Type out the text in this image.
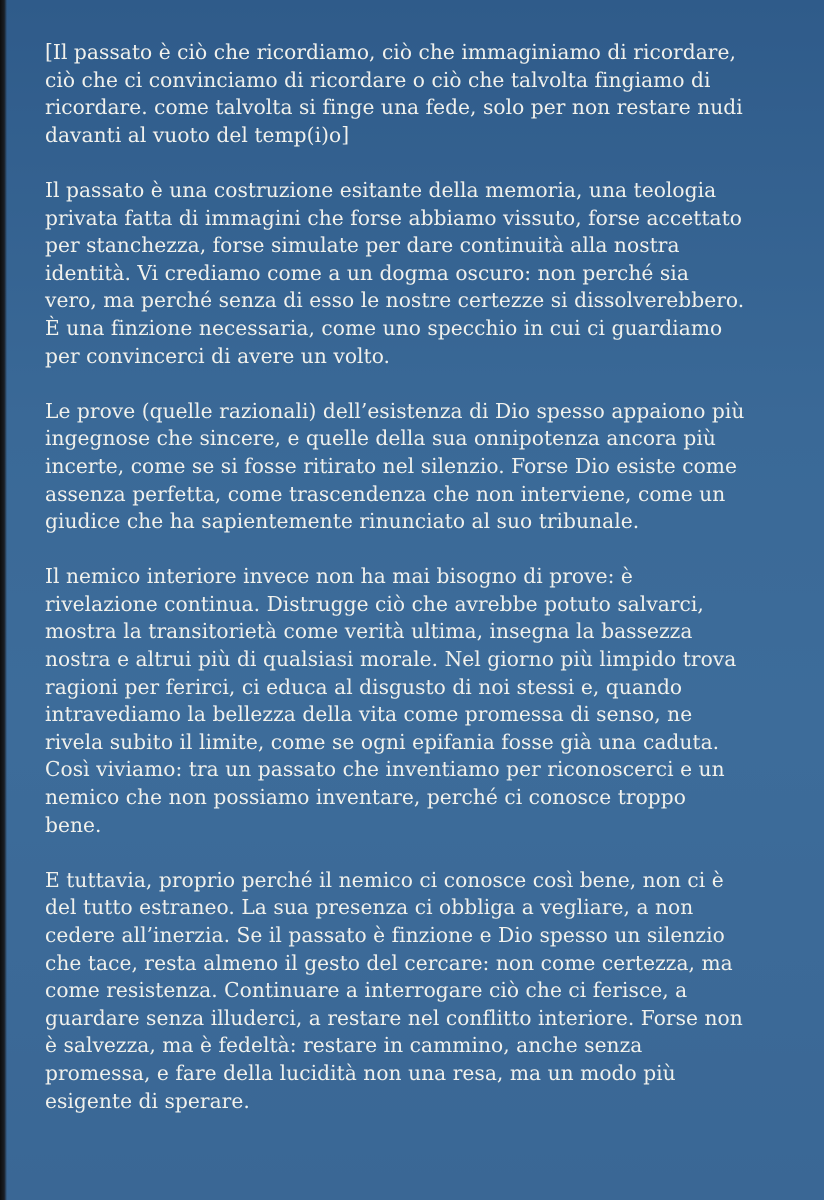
[Il passato è ciò che ricordiamo, ciò che immaginiamo di ricordare,
ciò che ci convinciamo di ricordare o ciò che talvolta fingiamo di
ricordare. come talvolta si finge una fede, solo per non restare nudi
davanti al vuoto del temp(i)o]

Il passato è una costruzione esitante della memoria, una teologia
privata fatta di immagini che forse abbiamo vissuto, forse accettato
per stanchezza, forse simulate per dare continuità alla nostra
identità. Vi crediamo come a un dogma oscuro: non perché sia
vero, ma perché senza di esso le nostre certezze si dissolverebbero.
È una finzione necessaria, come uno specchio in cui ci guardiamo
per convincerci di avere un volto.

Le prove (quelle razionali) dell’esistenza di Dio spesso appaiono più
ingegnose che sincere, e quelle della sua onnipotenza ancora più
incerte, come se si fosse ritirato nel silenzio. Forse Dio esiste come
assenza perfetta, come trascendenza che non interviene, come un
giudice che ha sapientemente rinunciato al suo tribunale.

Il nemico interiore invece non ha mai bisogno di prove: è
rivelazione continua. Distrugge ciò che avrebbe potuto salvarci,
mostra la transitorietà come verità ultima, insegna la bassezza
nostra e altrui più di qualsiasi morale. Nel giorno più limpido trova
ragioni per ferirci, ci educa al disgusto di noi stessi e, quando
intravediamo la bellezza della vita come promessa di senso, ne
rivela subito il limite, come se ogni epifania fosse già una caduta.
Così viviamo: tra un passato che inventiamo per riconoscerci e un
nemico che non possiamo inventare, perché ci conosce troppo
bene.

E tuttavia, proprio perché il nemico ci conosce così bene, non ci è
del tutto estraneo. La sua presenza ci obbliga a vegliare, a non
cedere all’inerzia. Se il passato è finzione e Dio spesso un silenzio
che tace, resta almeno il gesto del cercare: non come certezza, ma
come resistenza. Continuare a interrogare ciò che ci ferisce, a
guardare senza illuderci, a restare nel conflitto interiore. Forse non
è salvezza, ma è fedeltà: restare in cammino, anche senza
promessa, e fare della lucidità non una resa, ma un modo più
esigente di sperare.
